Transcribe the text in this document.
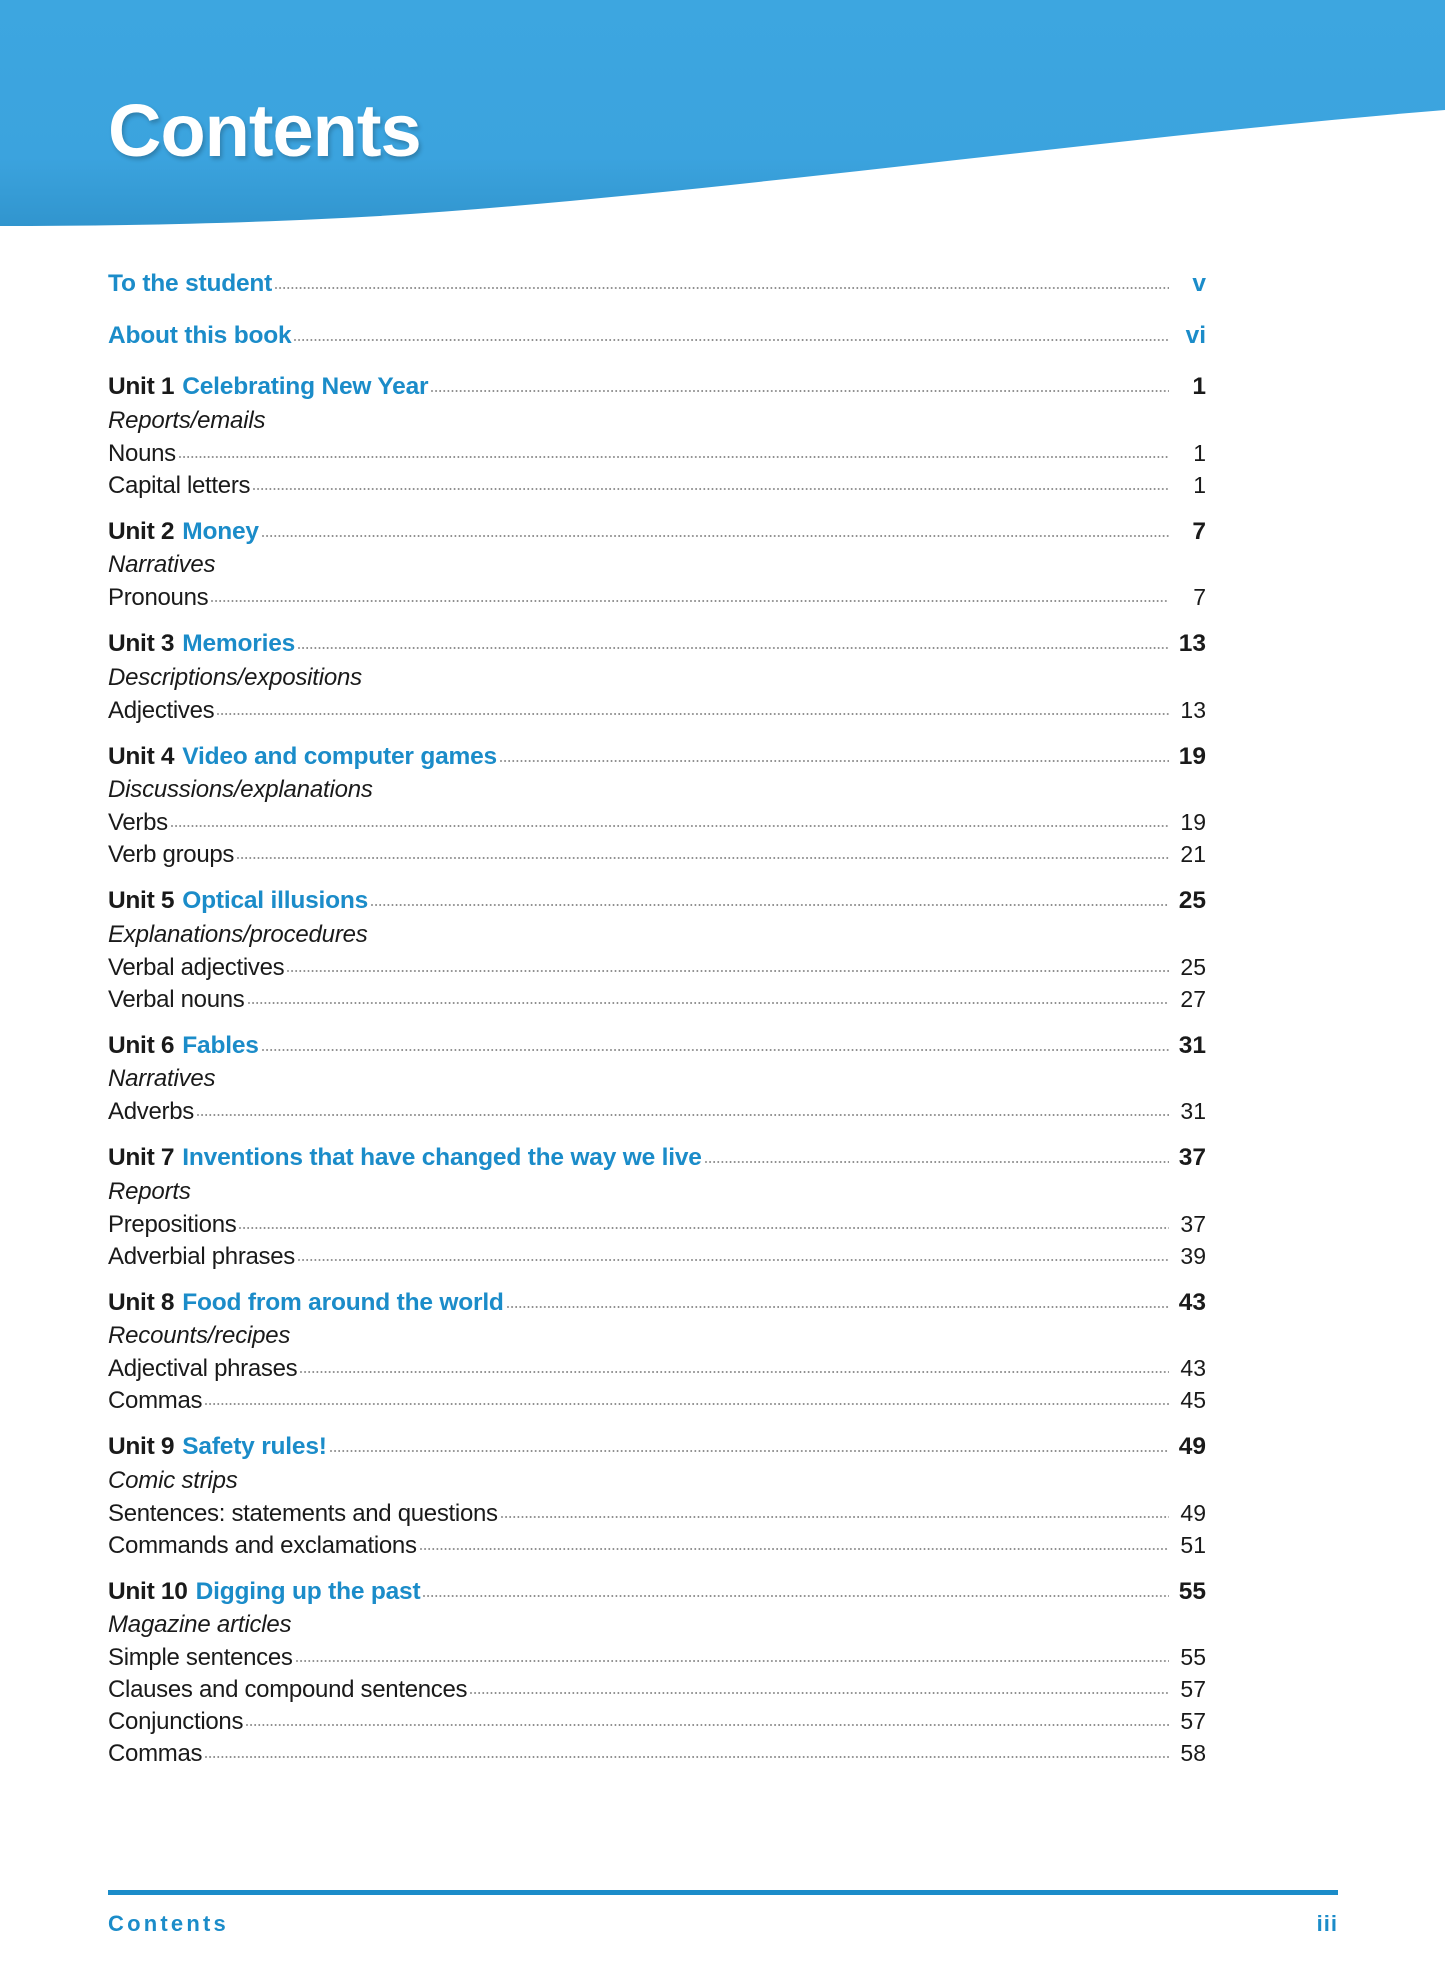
Contents
To the student	v
About this book	vi
Unit 1 Celebrating New Year	1
Reports/emails
Nouns	1
Capital letters	1
Unit 2 Money	7
Narratives
Pronouns	7
Unit 3 Memories	13
Descriptions/expositions
Adjectives	13
Unit 4 Video and computer games	19
Discussions/explanations
Verbs	19
Verb groups	21
Unit 5 Optical illusions	25
Explanations/procedures
Verbal adjectives	25
Verbal nouns	27
Unit 6 Fables	31
Narratives
Adverbs	31
Unit 7 Inventions that have changed the way we live	37
Reports
Prepositions	37
Adverbial phrases	39
Unit 8 Food from around the world	43
Recounts/recipes
Adjectival phrases	43
Commas	45
Unit 9 Safety rules!	49
Comic strips
Sentences: statements and questions	49
Commands and exclamations	51
Unit 10 Digging up the past	55
Magazine articles
Simple sentences	55
Clauses and compound sentences	57
Conjunctions	57
Commas	58
Contents	iii
